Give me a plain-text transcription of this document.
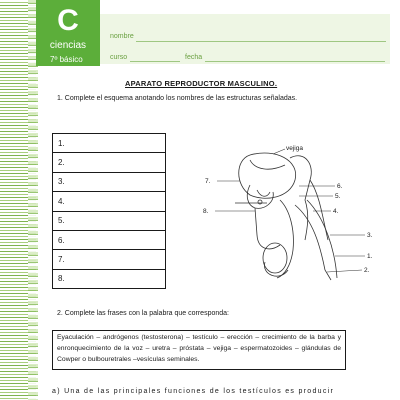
C
ciencias
7º básico
nombre
curso	fecha
APARATO REPRODUCTOR MASCULINO.
1. Complete el esquema anotando los nombres de las estructuras señaladas.
1.
2.
3.
4.
5.
6.
7.
8.
vejiga
7.
8.
6.
5.
4.
3.
1.
2.
2. Complete las frases con la palabra que corresponda:
Eyaculación – andrógenos (testosterona) – testículo – erección – crecimiento de la barba y enronquecimiento de la voz – uretra – próstata – vejiga – espermatozoides – glándulas de Cowper o bulbouretrales –vesículas seminales.
a) Una de las principales funciones de los testículos es producir
